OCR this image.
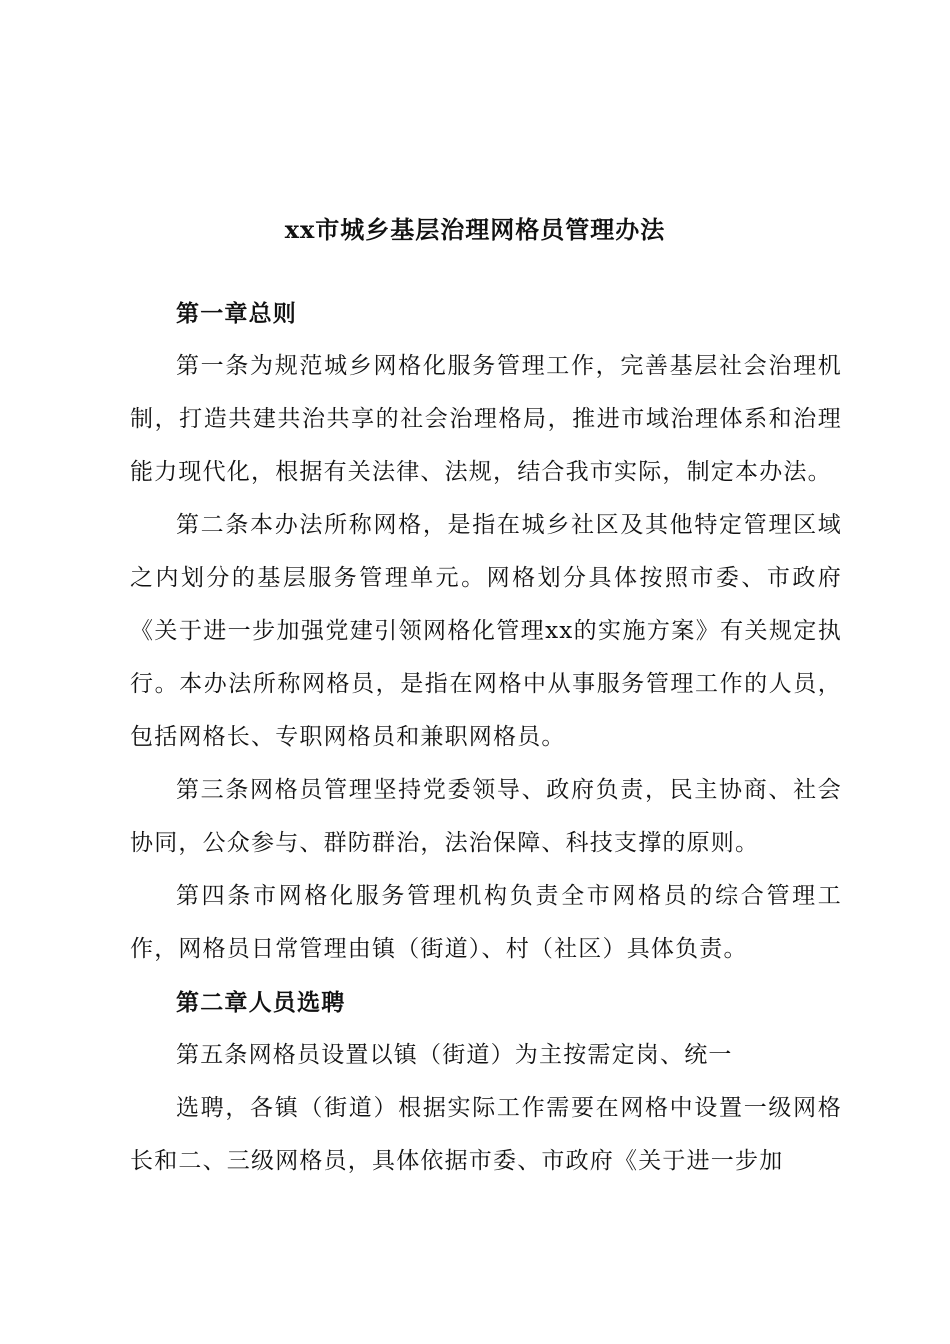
xx市城乡基层治理网格员管理办法

第一章总则

第一条为规范城乡网格化服务管理工作，完善基层社会治理机制，打造共建共治共享的社会治理格局，推进市域治理体系和治理能力现代化，根据有关法律、法规，结合我市实际，制定本办法。

第二条本办法所称网格，是指在城乡社区及其他特定管理区域之内划分的基层服务管理单元。网格划分具体按照市委、市政府《关于进一步加强党建引领网格化管理xx的实施方案》有关规定执行。本办法所称网格员，是指在网格中从事服务管理工作的人员，包括网格长、专职网格员和兼职网格员。

第三条网格员管理坚持党委领导、政府负责，民主协商、社会协同，公众参与、群防群治，法治保障、科技支撑的原则。

第四条市网格化服务管理机构负责全市网格员的综合管理工作，网格员日常管理由镇（街道）、村（社区）具体负责。

第二章人员选聘

第五条网格员设置以镇（街道）为主按需定岗、统一

选聘，各镇（街道）根据实际工作需要在网格中设置一级网格长和二、三级网格员，具体依据市委、市政府《关于进一步加
